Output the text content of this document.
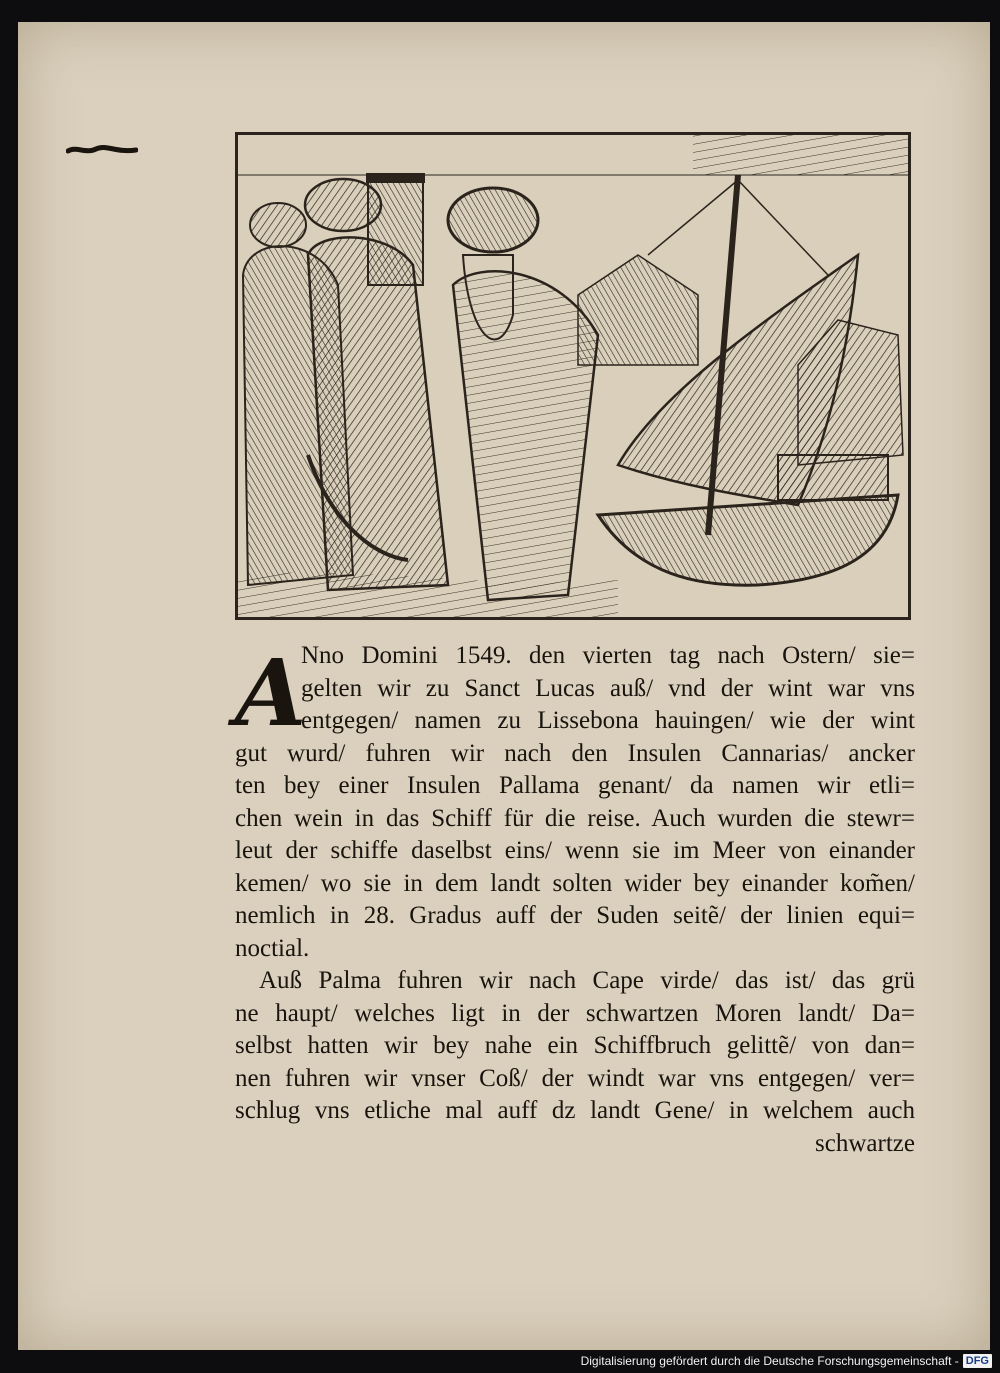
A
Nno Domini 1549. den vierten tag nach Ostern/ sie=
gelten wir zu Sanct Lucas auß/ vnd der wint war vns
entgegen/ namen zu Lissebona hauingen/ wie der wint
gut wurd/ fuhren wir nach den Insulen Cannarias/ ancker
ten bey einer Insulen Pallama genant/ da namen wir etli=
chen wein in das Schiff für die reise. Auch wurden die stewr=
leut der schiffe daselbst eins/ wenn sie im Meer von einander
kemen/ wo sie in dem landt solten wider bey einander kom̃en/
nemlich in 28. Gradus auff der Suden seitẽ/ der linien equi=
noctial.
Auß Palma fuhren wir nach Cape virde/ das ist/ das grü
ne haupt/ welches ligt in der schwartzen Moren landt/ Da=
selbst hatten wir bey nahe ein Schiffbruch gelittẽ/ von dan=
nen fuhren wir vnser Coß/ der windt war vns entgegen/ ver=
schlug vns etliche mal auff dz landt Gene/ in welchem auch
schwartze
Digitalisierung gefördert durch die Deutsche Forschungsgemeinschaft - DFG
